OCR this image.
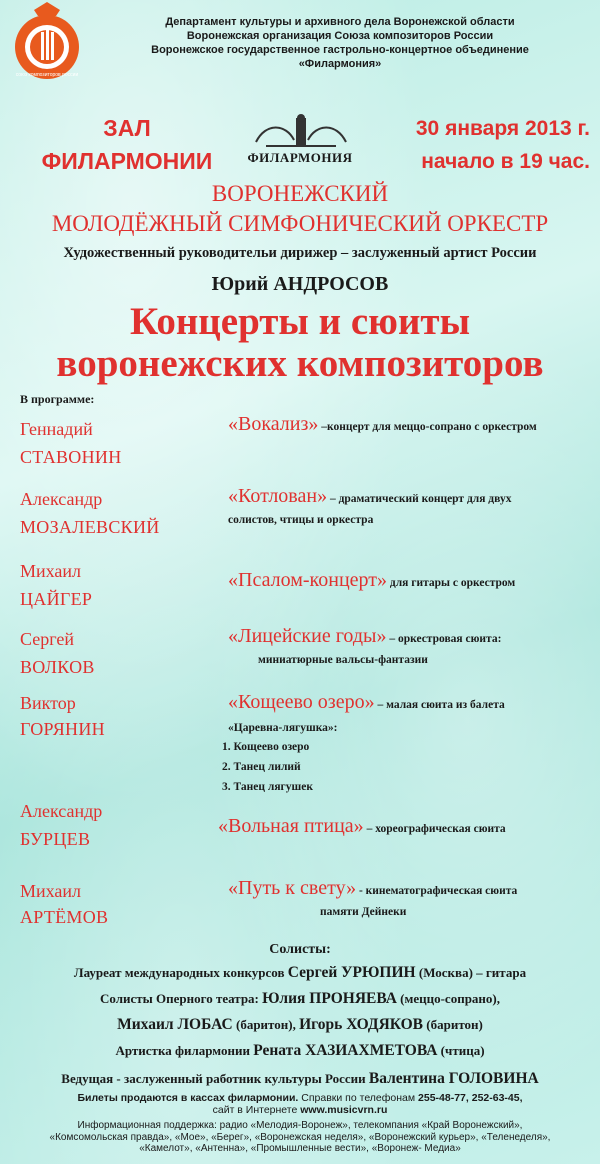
союз композиторов россии
Департамент культуры и архивного дела Воронежской области
Воронежская организация Союза композиторов России
Воронежское государственное гастрольно-концертное объединение
«Филармония»
ЗАЛ
ФИЛАРМОНИИ	ФИЛАРМОНИЯ
30 января 2013 г.
начало в 19 час.
ВОРОНЕЖСКИЙ
МОЛОДЁЖНЫЙ СИМФОНИЧЕСКИЙ ОРКЕСТР
Художественный руководительи дирижер – заслуженный артист России
Юрий АНДРОСОВ
Концерты и сюиты
воронежских композиторов
В программе:
Геннадий
СТАВОНИН
«Вокализ» –концерт для меццо-сопрано с оркестром
Александр
МОЗАЛЕВСКИЙ
«Котлован» – драматический концерт для двух
солистов, чтицы и оркестра
Михаил
ЦАЙГЕР
«Псалом-концерт» для гитары с оркестром
Сергей
ВОЛКОВ
«Лицейские годы» – оркестровая сюита:
миниатюрные вальсы-фантазии
Виктор
ГОРЯНИН
«Кощеево озеро» – малая сюита из балета
«Царевна-лягушка»:
1. Кощеево озеро
2. Танец лилий
3. Танец лягушек
Александр
БУРЦЕВ
«Вольная птица» – хореографическая сюита
Михаил
АРТЁМОВ
«Путь к свету» - кинематографическая сюита
памяти Дейнеки
Солисты:
Лауреат международных конкурсов Сергей УРЮПИН (Москва) – гитара
Солисты Оперного театра: Юлия ПРОНЯЕВА (меццо-сопрано),
Михаил ЛОБАС (баритон), Игорь ХОДЯКОВ (баритон)
Артистка филармонии Рената ХАЗИАХМЕТОВА (чтица)
Ведущая - заслуженный работник культуры России Валентина ГОЛОВИНА
Билеты продаются в кассах филармонии. Справки по телефонам 255-48-77, 252-63-45,
сайт в Интернете www.musicvrn.ru
Информационная поддержка: радио «Мелодия-Воронеж», телекомпания «Край Воронежский»,
«Комсомольская правда», «Мое», «Берег», «Воронежская неделя», «Воронежский курьер», «Теленеделя»,
«Камелот», «Антенна», «Промышленные вести», «Воронеж- Медиа»
